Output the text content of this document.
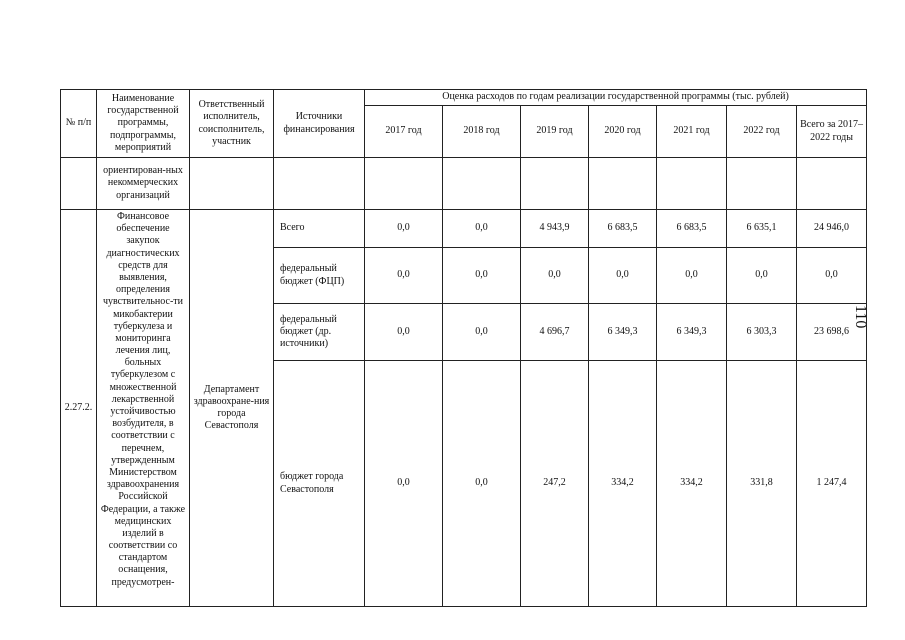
110
№ п/п	Наименование государственной программы, подпрограммы, мероприятий	Ответственный исполнитель, соисполнитель, участник	Источники финансирования	Оценка расходов по годам реализации государственной программы (тыс. рублей)						
				2017 год	2018 год	2019 год	2020 год	2021 год	2022 год	Всего за 2017–2022 годы
	ориентирован-ных некоммерческих организаций									
2.27.2.	Финансовое обеспечение закупок диагностических средств для выявления, определения чувствительнос-ти микобактерии туберкулеза и мониторинга лечения лиц, больных туберкулезом с множественной лекарственной устойчивостью возбудителя, в соответствии с перечнем, утвержденным Министерством здравоохранения Российской Федерации, а также медицинских изделий в соответствии со стандартом оснащения, предусмотрен-	Департамент здравоохране-ния города Севастополя	Всего	0,0	0,0	4 943,9	6 683,5	6 683,5	6 635,1	24 946,0
			федеральный бюджет (ФЦП)	0,0	0,0	0,0	0,0	0,0	0,0	0,0
			федеральный бюджет (др. источники)	0,0	0,0	4 696,7	6 349,3	6 349,3	6 303,3	23 698,6
			бюджет города Севастополя	0,0	0,0	247,2	334,2	334,2	331,8	1 247,4
